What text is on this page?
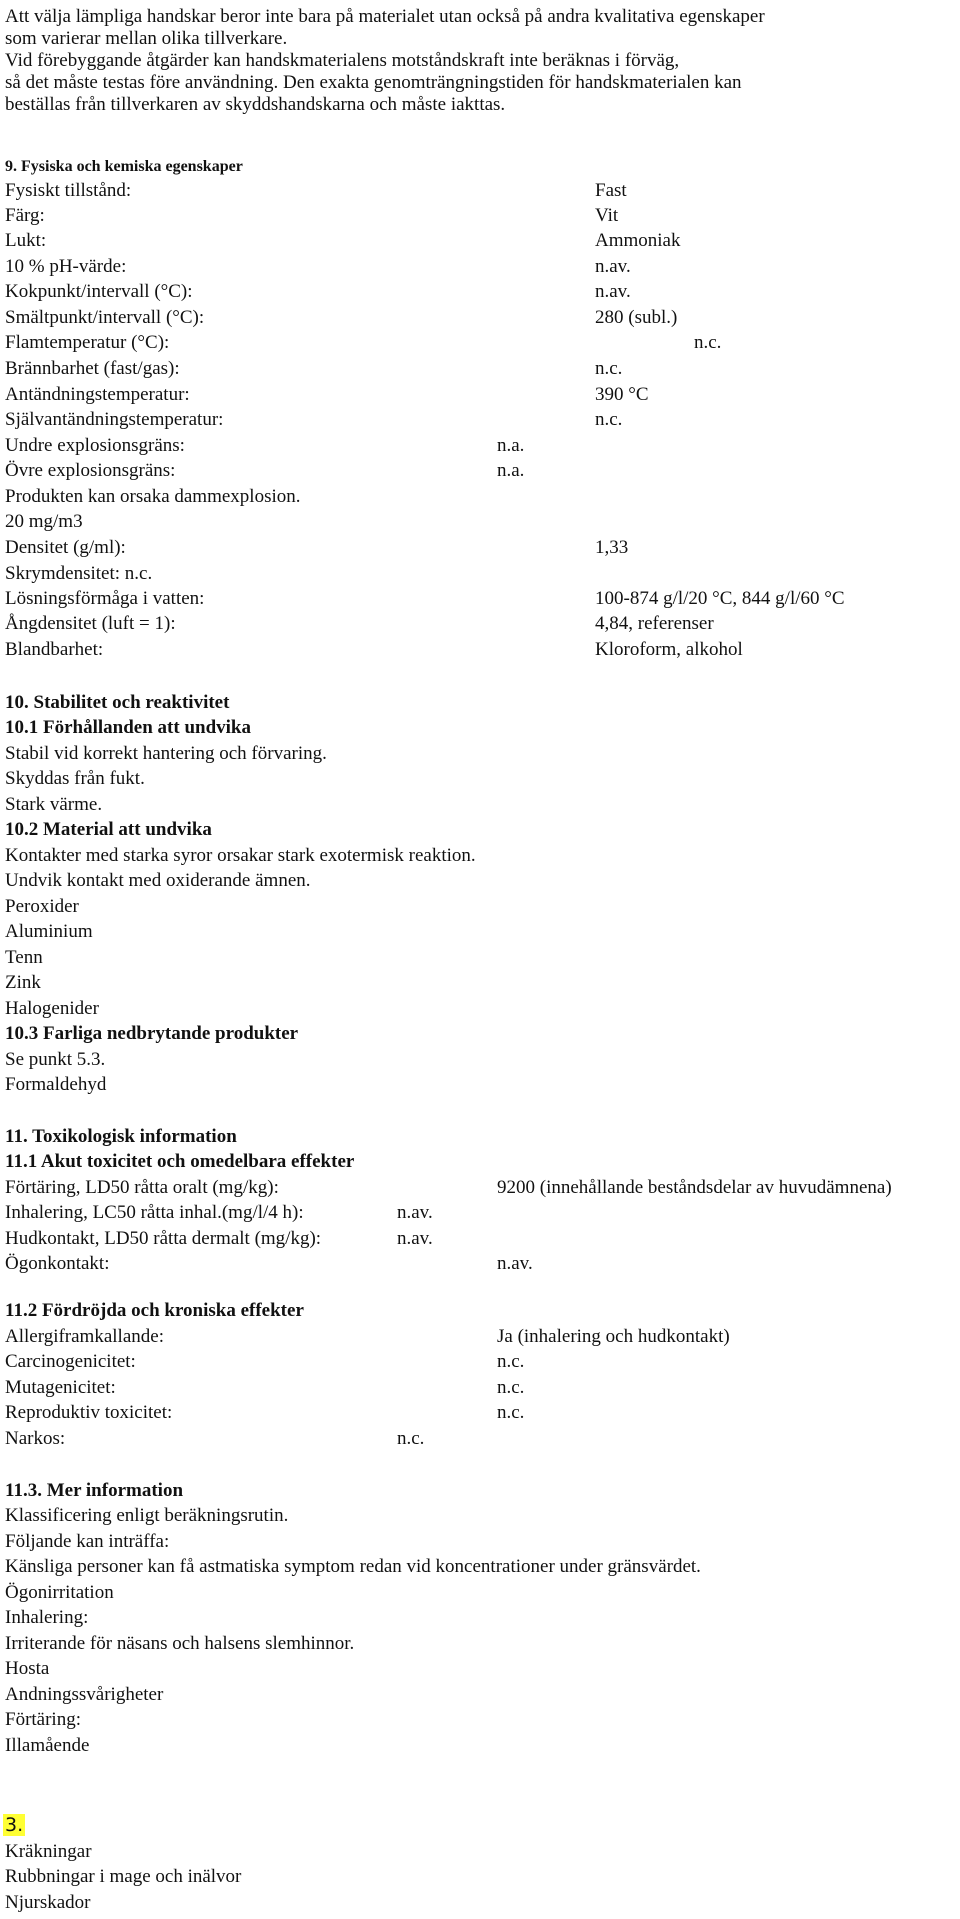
Att välja lämpliga handskar beror inte bara på materialet utan också på andra kvalitativa egenskaper
som varierar mellan olika tillverkare.
Vid förebyggande åtgärder kan handskmaterialens motståndskraft inte beräknas i förväg,
så det måste testas före användning. Den exakta genomträngningstiden för handskmaterialen kan
beställas från tillverkaren av skyddshandskarna och måste iakttas.
9. Fysiska och kemiska egenskaper
Fysiskt tillstånd:	Fast
Färg:	Vit
Lukt:	Ammoniak
10 % pH-värde:	n.av.
Kokpunkt/intervall (°C):	n.av.
Smältpunkt/intervall (°C):	280 (subl.)
Flamtemperatur (°C):	n.c.
Brännbarhet (fast/gas):	n.c.
Antändningstemperatur:	390 °C
Självantändningstemperatur:	n.c.
Undre explosionsgräns:	n.a.
Övre explosionsgräns:	n.a.
Produkten kan orsaka dammexplosion.
20 mg/m3
Densitet (g/ml):	1,33
Skrymdensitet: n.c.
Lösningsförmåga i vatten:	100-874 g/l/20 °C, 844 g/l/60 °C
Ångdensitet (luft = 1):	4,84, referenser
Blandbarhet:	Kloroform, alkohol
10. Stabilitet och reaktivitet
10.1 Förhållanden att undvika
Stabil vid korrekt hantering och förvaring.
Skyddas från fukt.
Stark värme.
10.2 Material att undvika
Kontakter med starka syror orsakar stark exotermisk reaktion.
Undvik kontakt med oxiderande ämnen.
Peroxider
Aluminium
Tenn
Zink
Halogenider
10.3 Farliga nedbrytande produkter
Se punkt 5.3.
Formaldehyd
11. Toxikologisk information
11.1 Akut toxicitet och omedelbara effekter
Förtäring, LD50 råtta oralt (mg/kg):	9200 (innehållande beståndsdelar av huvudämnena)
Inhalering, LC50 råtta inhal.(mg/l/4 h):	n.av.
Hudkontakt, LD50 råtta dermalt (mg/kg):	n.av.
Ögonkontakt:	n.av.
11.2 Fördröjda och kroniska effekter
Allergiframkallande:	Ja (inhalering och hudkontakt)
Carcinogenicitet:	n.c.
Mutagenicitet:	n.c.
Reproduktiv toxicitet:	n.c.
Narkos:	n.c.
11.3. Mer information
Klassificering enligt beräkningsrutin.
Följande kan inträffa:
Känsliga personer kan få astmatiska symptom redan vid koncentrationer under gränsvärdet.
Ögonirritation
Inhalering:
Irriterande för näsans och halsens slemhinnor.
Hosta
Andningssvårigheter
Förtäring:
Illamående
3.
Kräkningar
Rubbningar i mage och inälvor
Njurskador
